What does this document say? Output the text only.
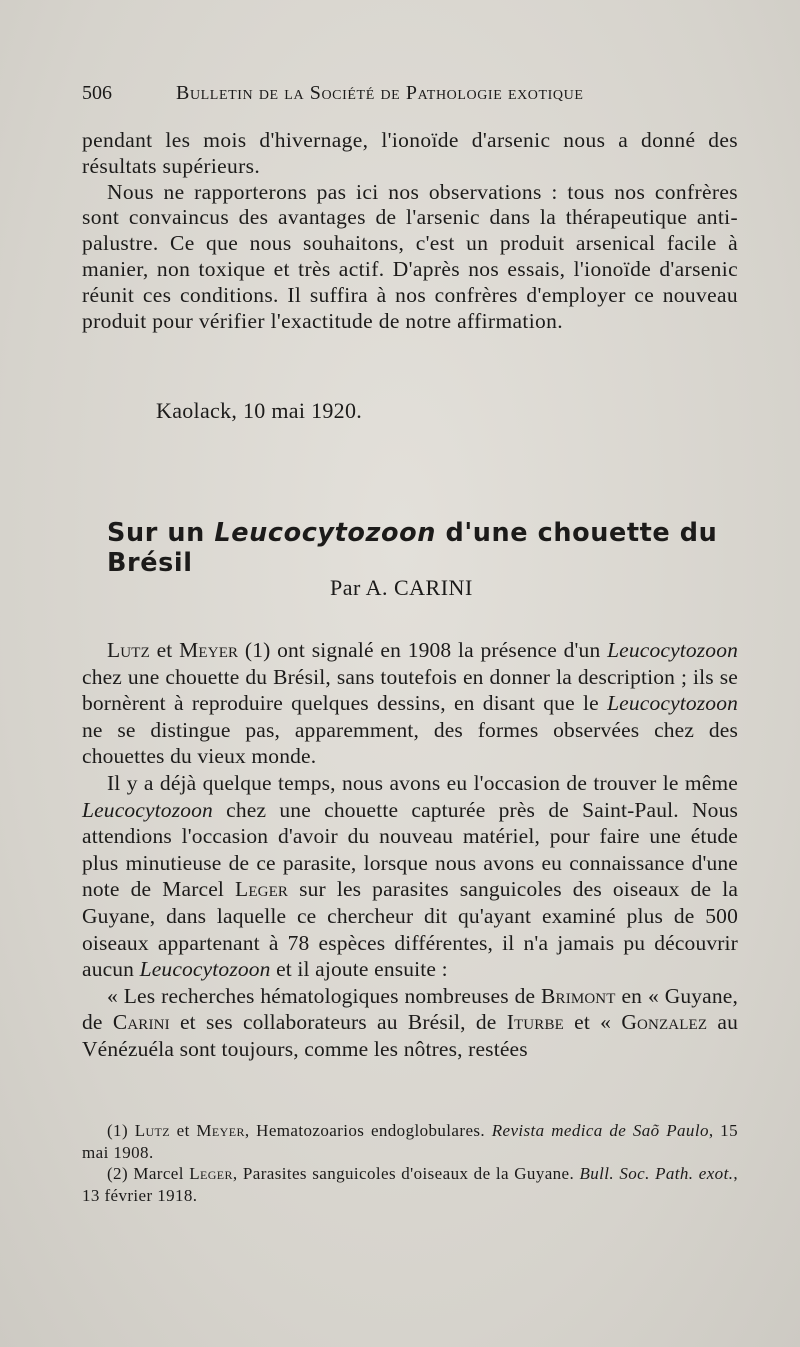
506	Bulletin de la Société de Pathologie exotique

pendant les mois d'hivernage, l'ionoïde d'arsenic nous a donné des résultats supérieurs.

Nous ne rapporterons pas ici nos observations : tous nos confrères sont convaincus des avantages de l'arsenic dans la thérapeutique anti-palustre. Ce que nous souhaitons, c'est un produit arsenical facile à manier, non toxique et très actif. D'après nos essais, l'ionoïde d'arsenic réunit ces conditions. Il suffira à nos confrères d'employer ce nouveau produit pour vérifier l'exactitude de notre affirmation.

Kaolack, 10 mai 1920.
Sur un Leucocytozoon d'une chouette du Brésil
Par A. CARINI

Lutz et Meyer (1) ont signalé en 1908 la présence d'un Leucocytozoon chez une chouette du Brésil, sans toutefois en donner la description ; ils se bornèrent à reproduire quelques dessins, en disant que le Leucocytozoon ne se distingue pas, apparemment, des formes observées chez des chouettes du vieux monde.

Il y a déjà quelque temps, nous avons eu l'occasion de trouver le même Leucocytozoon chez une chouette capturée près de Saint-Paul. Nous attendions l'occasion d'avoir du nouveau matériel, pour faire une étude plus minutieuse de ce parasite, lorsque nous avons eu connaissance d'une note de Marcel Leger sur les parasites sanguicoles des oiseaux de la Guyane, dans laquelle ce chercheur dit qu'ayant examiné plus de 500 oiseaux appartenant à 78 espèces différentes, il n'a jamais pu découvrir aucun Leucocytozoon et il ajoute ensuite :

« Les recherches hématologiques nombreuses de Brimont en « Guyane, de Carini et ses collaborateurs au Brésil, de Iturbe et « Gonzalez au Vénézuéla sont toujours, comme les nôtres, restées

(1) Lutz et Meyer, Hematozoarios endoglobulares. Revista medica de Saõ Paulo, 15 mai 1908.

(2) Marcel Leger, Parasites sanguicoles d'oiseaux de la Guyane. Bull. Soc. Path. exot., 13 février 1918.
